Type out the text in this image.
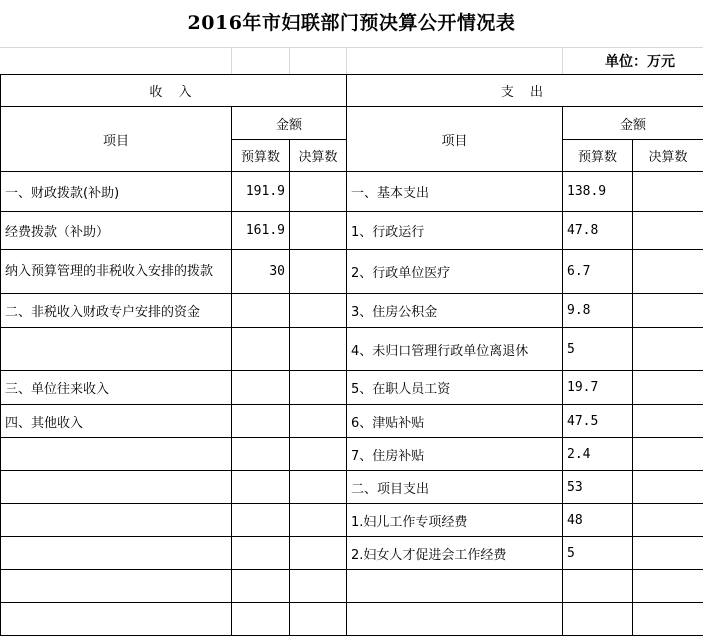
2016年市妇联部门预决算公开情况表
单位：万元
收 入			支 出		
项目	金额		项目	金额	
	预算数	决算数		预算数	决算数
一、财政拨款(补助)	191.9		一、基本支出	138.9	
经费拨款（补助）	161.9		1、行政运行	47.8	
纳入预算管理的非税收入安排的拨款	30		2、行政单位医疗	6.7	
二、非税收入财政专户安排的资金			3、住房公积金	9.8	
			4、未归口管理行政单位离退休	5	
三、单位往来收入			5、在职人员工资	19.7	
四、其他收入			6、津贴补贴	47.5	
			7、住房补贴	2.4	
			二、项目支出	53	
			1.妇儿工作专项经费	48	
			2.妇女人才促进会工作经费	5	
